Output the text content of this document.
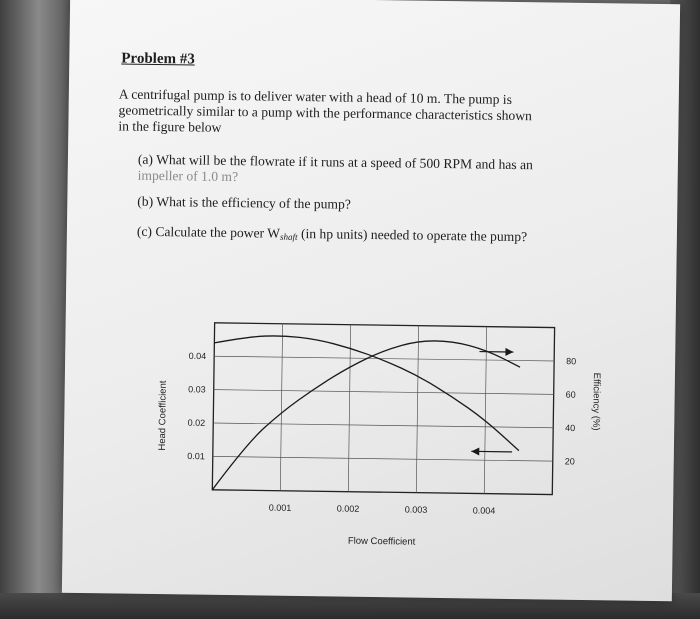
Problem #3
A centrifugal pump is to deliver water with a head of 10 m. The pump is
geometrically similar to a pump with the performance characteristics shown
in the figure below
(a) What will be the flowrate if it runs at a speed of 500 RPM and has an
impeller of 1.0 m?
(b) What is the efficiency of the pump?
(c) Calculate the power $W_{shaft}$ (in hp units) needed to operate the pump?
0.001	0.002	0.003	0.004
0.04
0.03
0.02
0.01
80
60
40
20
Flow Coefficient
Head Coefficient	Efficiency (%)
